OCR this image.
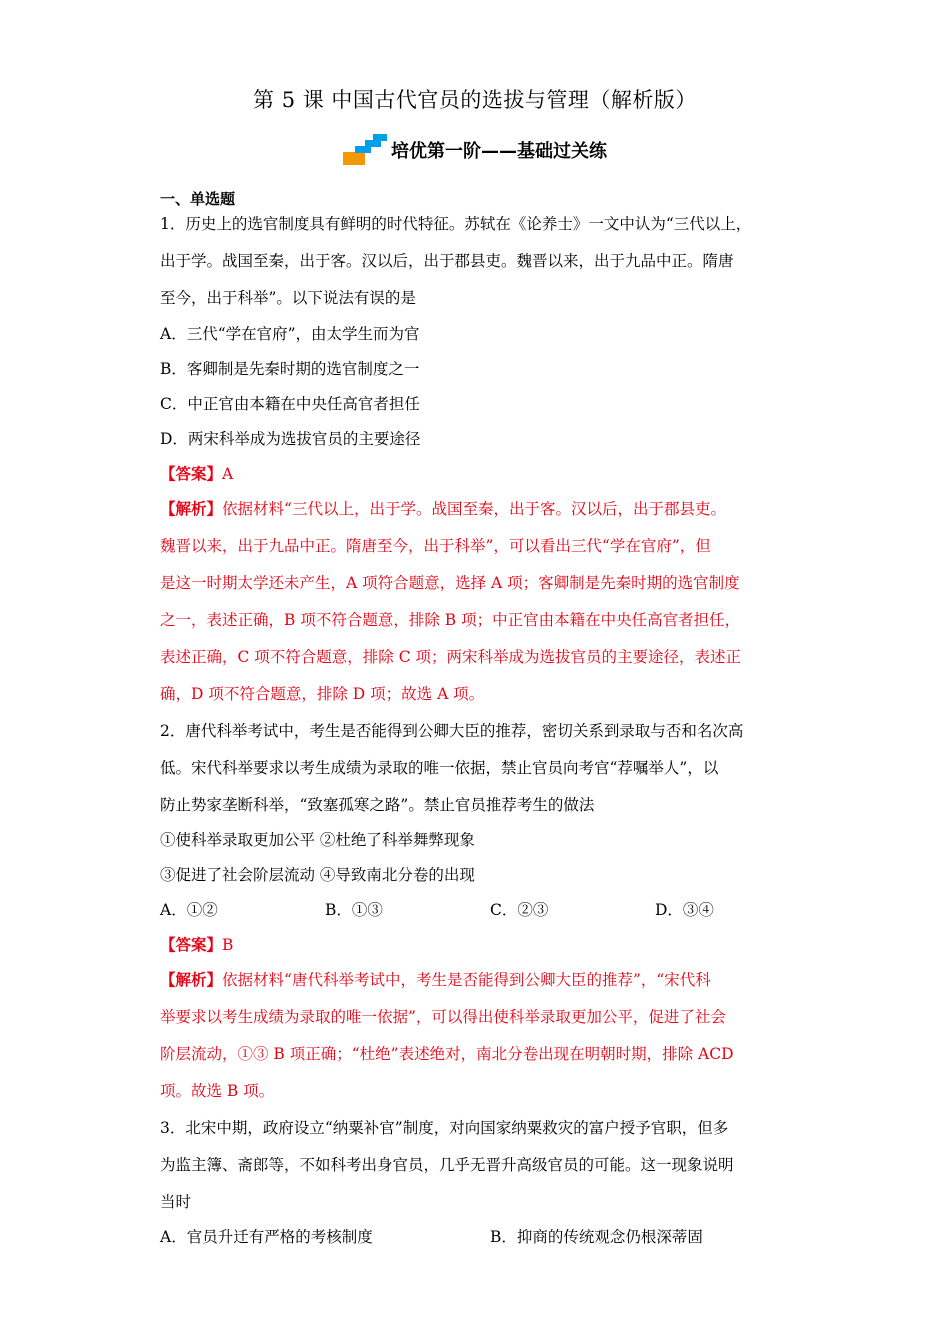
第 5 课 中国古代官员的选拔与管理（解析版）
培优第一阶——基础过关练
一、单选题
1．历史上的选官制度具有鲜明的时代特征。苏轼在《论养士》一文中认为“三代以上，
出于学。战国至秦，出于客。汉以后，出于郡县吏。魏晋以来，出于九品中正。隋唐
至今，出于科举”。以下说法有误的是
A．三代“学在官府”，由太学生而为官
B．客卿制是先秦时期的选官制度之一
C．中正官由本籍在中央任高官者担任
D．两宋科举成为选拔官员的主要途径
【答案】A
【解析】依据材料“三代以上，出于学。战国至秦，出于客。汉以后，出于郡县吏。
魏晋以来，出于九品中正。隋唐至今，出于科举”，可以看出三代“学在官府”，但
是这一时期太学还未产生，A 项符合题意，选择 A 项；客卿制是先秦时期的选官制度
之一，表述正确，B 项不符合题意，排除 B 项；中正官由本籍在中央任高官者担任，
表述正确，C 项不符合题意，排除 C 项；两宋科举成为选拔官员的主要途径，表述正
确，D 项不符合题意，排除 D 项；故选 A 项。
2．唐代科举考试中，考生是否能得到公卿大臣的推荐，密切关系到录取与否和名次高
低。宋代科举要求以考生成绩为录取的唯一依据，禁止官员向考官“荐嘱举人”，以
防止势家垄断科举，“致塞孤寒之路”。禁止官员推荐考生的做法
①使科举录取更加公平 ②杜绝了科举舞弊现象
③促进了社会阶层流动 ④导致南北分卷的出现
A．①②	B．①③	C．②③	D．③④
【答案】B
【解析】依据材料“唐代科举考试中，考生是否能得到公卿大臣的推荐”，“宋代科
举要求以考生成绩为录取的唯一依据”，可以得出使科举录取更加公平，促进了社会
阶层流动，①③ B 项正确；“杜绝”表述绝对，南北分卷出现在明朝时期，排除 ACD
项。故选 B 项。
3．北宋中期，政府设立“纳粟补官”制度，对向国家纳粟救灾的富户授予官职，但多
为监主簿、斋郎等，不如科考出身官员，几乎无晋升高级官员的可能。这一现象说明
当时
A．官员升迁有严格的考核制度	B．抑商的传统观念仍根深蒂固
